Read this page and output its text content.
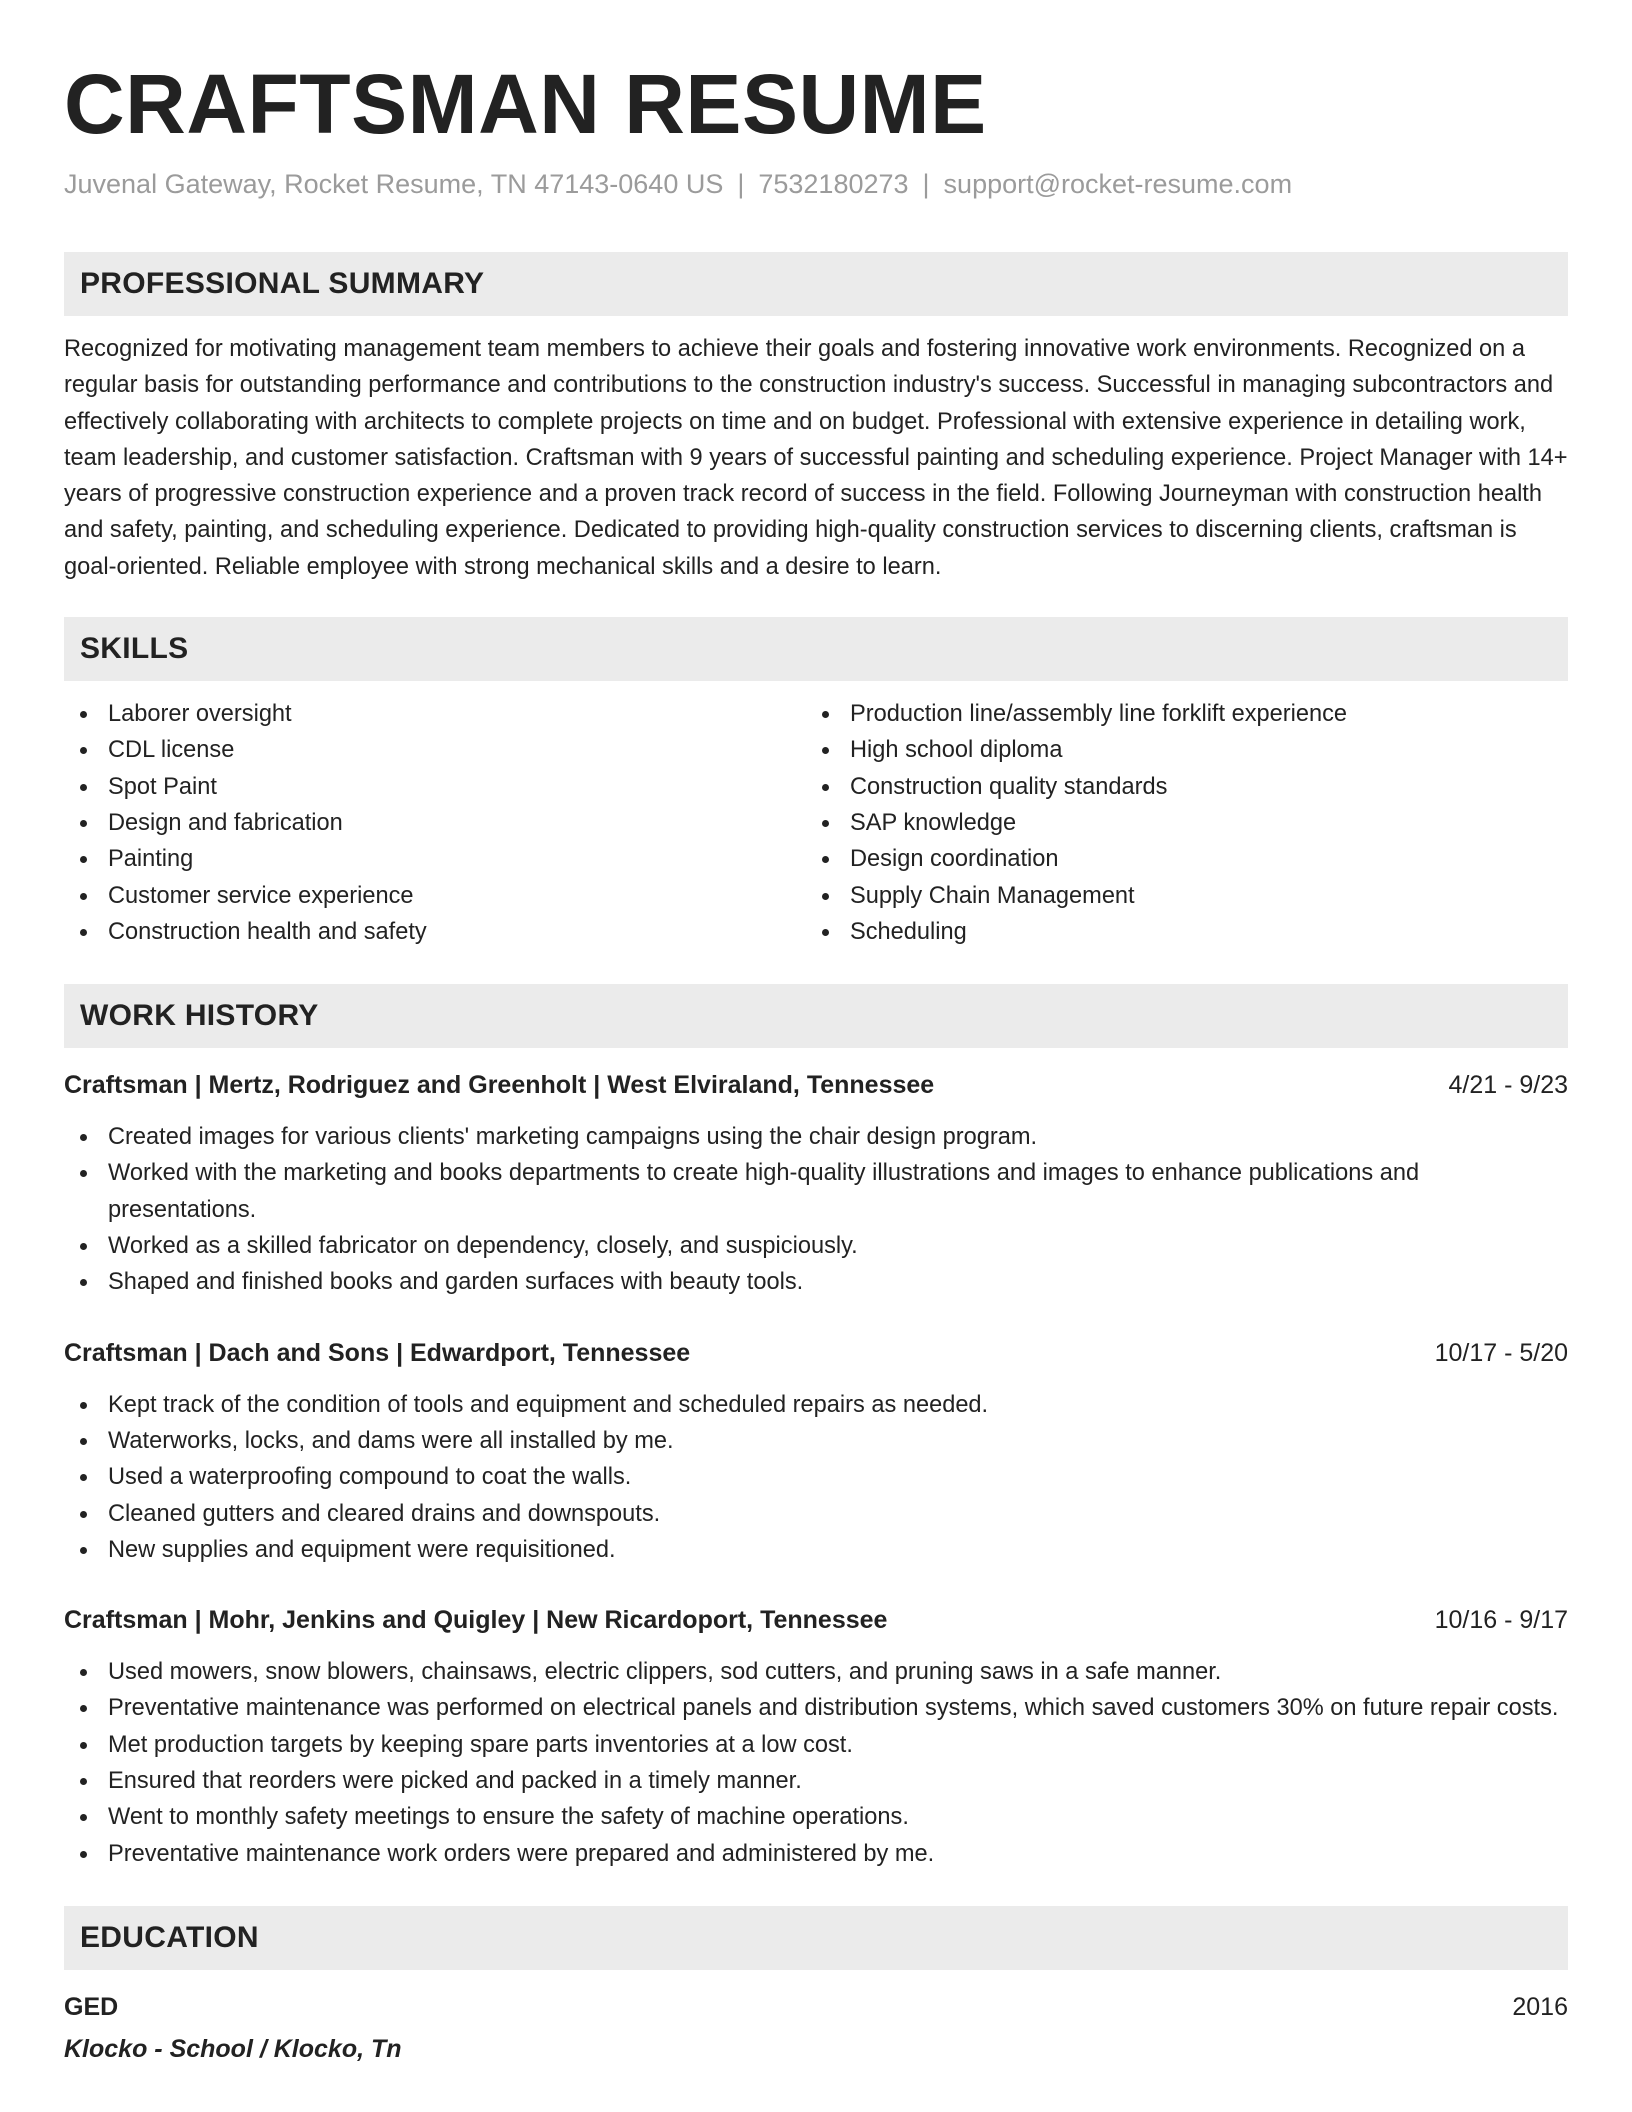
CRAFTSMAN RESUME
Juvenal Gateway, Rocket Resume, TN 47143-0640 US | 7532180273 | support@rocket-resume.com
PROFESSIONAL SUMMARY

Recognized for motivating management team members to achieve their goals and fostering innovative work environments. Recognized on a regular basis for outstanding performance and contributions to the construction industry's success. Successful in managing subcontractors and effectively collaborating with architects to complete projects on time and on budget. Professional with extensive experience in detailing work, team leadership, and customer satisfaction. Craftsman with 9 years of successful painting and scheduling experience. Project Manager with 14+ years of progressive construction experience and a proven track record of success in the field. Following Journeyman with construction health and safety, painting, and scheduling experience. Dedicated to providing high-quality construction services to discerning clients, craftsman is goal-oriented. Reliable employee with strong mechanical skills and a desire to learn.

SKILLS
Laborer oversight
CDL license
Spot Paint
Design and fabrication
Painting
Customer service experience
Construction health and safety
Production line/assembly line forklift experience
High school diploma
Construction quality standards
SAP knowledge
Design coordination
Supply Chain Management
Scheduling
WORK HISTORY
Craftsman | Mertz, Rodriguez and Greenholt | West Elviraland, Tennessee	4/21 - 9/23
Created images for various clients' marketing campaigns using the chair design program.
Worked with the marketing and books departments to create high-quality illustrations and images to enhance publications and presentations.
Worked as a skilled fabricator on dependency, closely, and suspiciously.
Shaped and finished books and garden surfaces with beauty tools.
Craftsman | Dach and Sons | Edwardport, Tennessee	10/17 - 5/20
Kept track of the condition of tools and equipment and scheduled repairs as needed.
Waterworks, locks, and dams were all installed by me.
Used a waterproofing compound to coat the walls.
Cleaned gutters and cleared drains and downspouts.
New supplies and equipment were requisitioned.
Craftsman | Mohr, Jenkins and Quigley | New Ricardoport, Tennessee	10/16 - 9/17
Used mowers, snow blowers, chainsaws, electric clippers, sod cutters, and pruning saws in a safe manner.
Preventative maintenance was performed on electrical panels and distribution systems, which saved customers 30% on future repair costs.
Met production targets by keeping spare parts inventories at a low cost.
Ensured that reorders were picked and packed in a timely manner.
Went to monthly safety meetings to ensure the safety of machine operations.
Preventative maintenance work orders were prepared and administered by me.
EDUCATION
GED	2016
Klocko - School / Klocko, Tn
